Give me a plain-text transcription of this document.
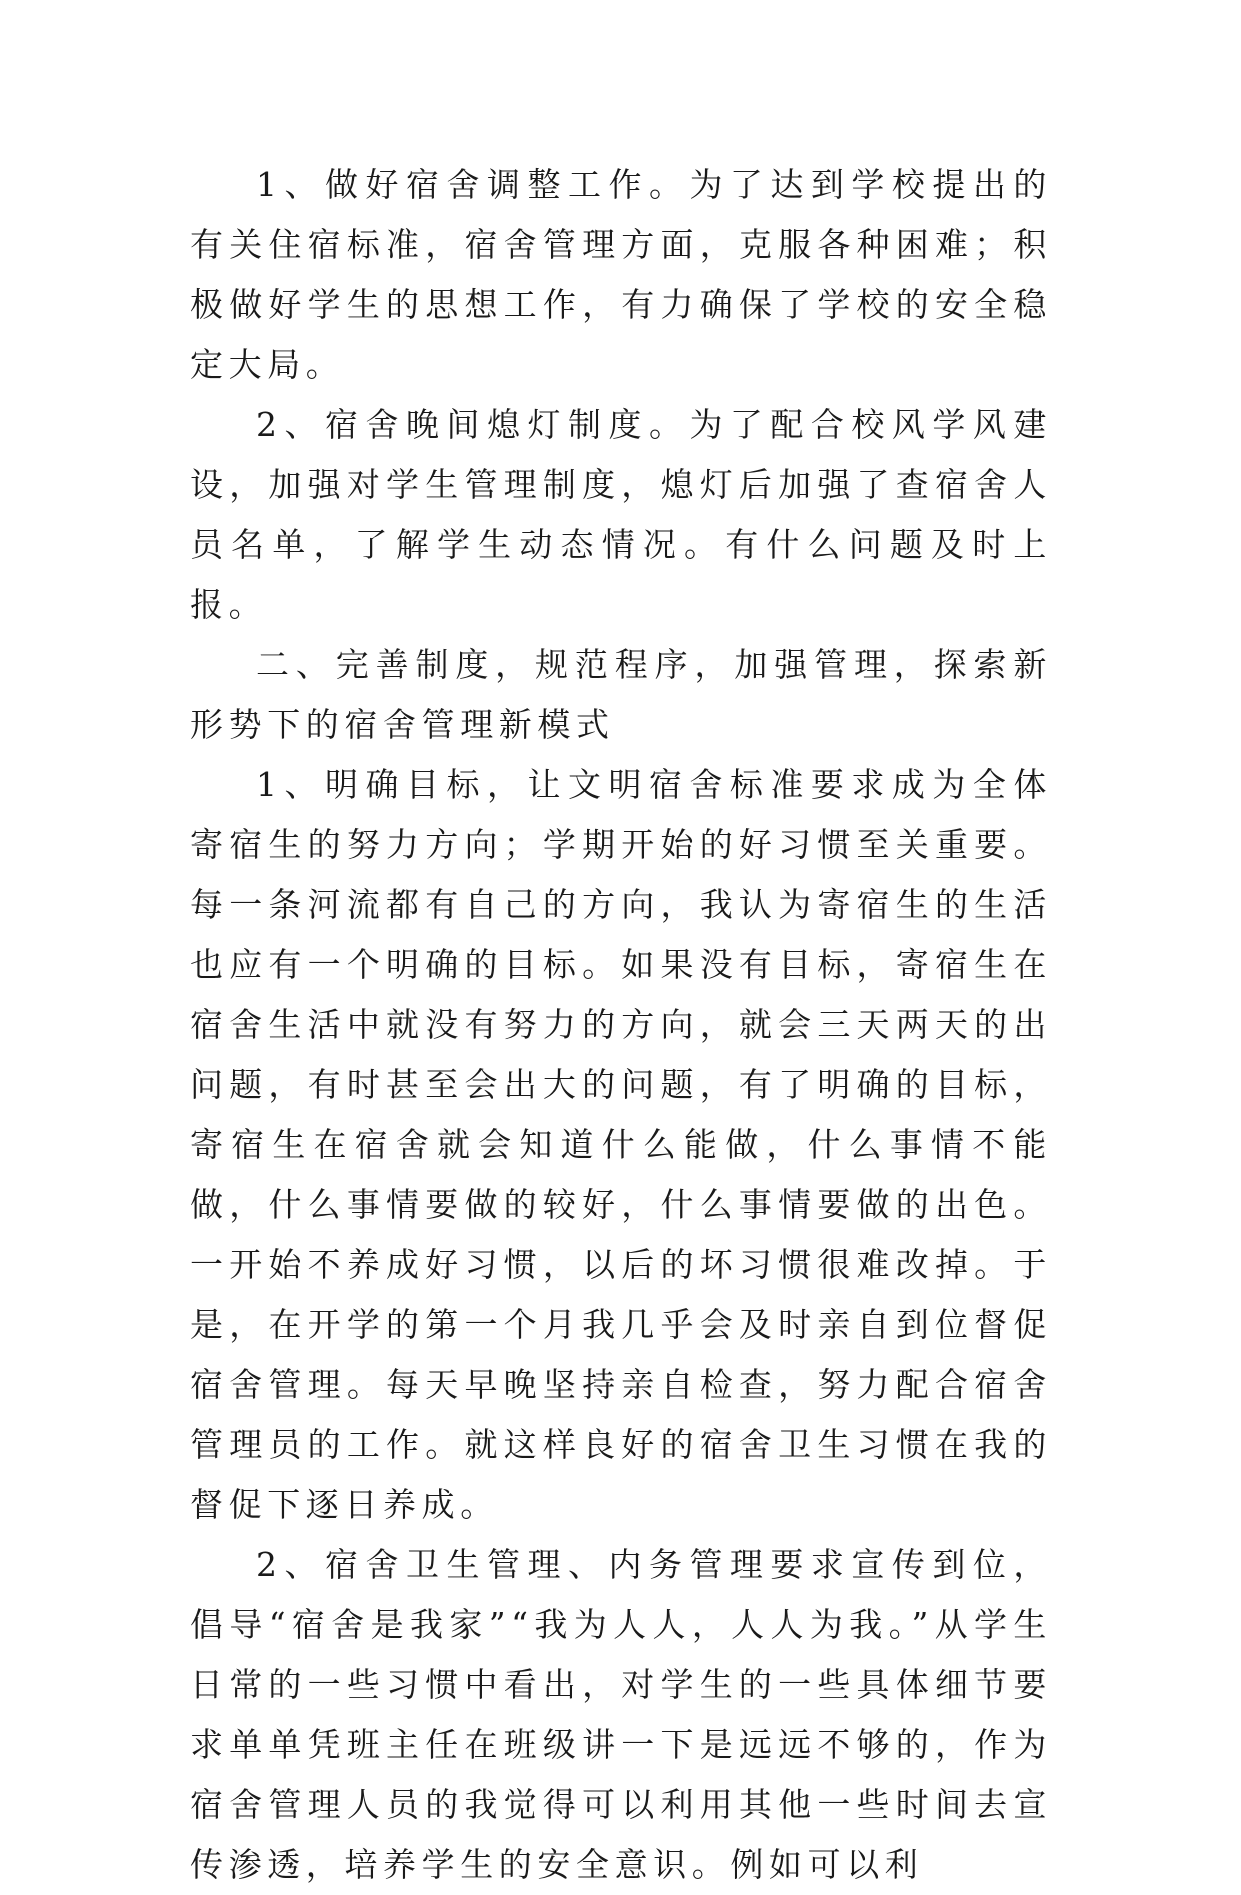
1、做好宿舍调整工作。为了达到学校提出的有关住宿标准，宿舍管理方面，克服各种困难；积极做好学生的思想工作，有力确保了学校的安全稳定大局。

2、宿舍晚间熄灯制度。为了配合校风学风建设，加强对学生管理制度，熄灯后加强了查宿舍人员名单，了解学生动态情况。有什么问题及时上报。

二、完善制度，规范程序，加强管理，探索新形势下的宿舍管理新模式

1、明确目标，让文明宿舍标准要求成为全体寄宿生的努力方向；学期开始的好习惯至关重要。每一条河流都有自己的方向，我认为寄宿生的生活也应有一个明确的目标。如果没有目标，寄宿生在宿舍生活中就没有努力的方向，就会三天两天的出问题，有时甚至会出大的问题，有了明确的目标，寄宿生在宿舍就会知道什么能做，什么事情不能做，什么事情要做的较好，什么事情要做的出色。一开始不养成好习惯，以后的坏习惯很难改掉。于是，在开学的第一个月我几乎会及时亲自到位督促宿舍管理。每天早晚坚持亲自检查，努力配合宿舍管理员的工作。就这样良好的宿舍卫生习惯在我的督促下逐日养成。

2、宿舍卫生管理、内务管理要求宣传到位，倡导“宿舍是我家”“我为人人，人人为我。”从学生日常的一些习惯中看出，对学生的一些具体细节要求单单凭班主任在班级讲一下是远远不够的，作为宿舍管理人员的我觉得可以利用其他一些时间去宣传渗透，培养学生的安全意识。例如可以利
